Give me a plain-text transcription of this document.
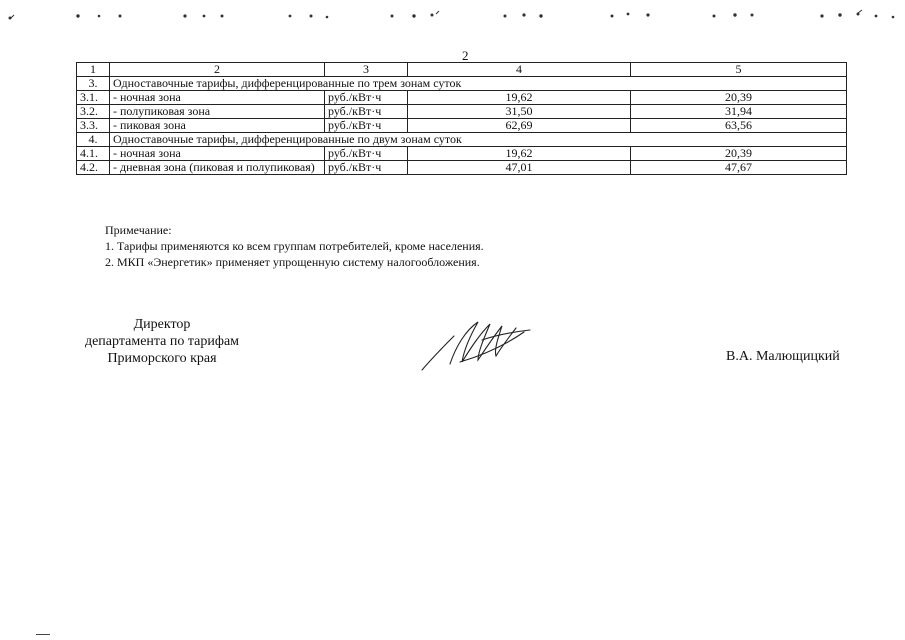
2
1	2	3	4	5
3.	Одноставочные тарифы, дифференцированные по трем зонам суток			
3.1.	- ночная зона	руб./кВт·ч	19,62	20,39
3.2.	- полупиковая зона	руб./кВт·ч	31,50	31,94
3.3.	- пиковая зона	руб./кВт·ч	62,69	63,56
4.	Одноставочные тарифы, дифференцированные по двум зонам суток			
4.1.	- ночная зона	руб./кВт·ч	19,62	20,39
4.2.	- дневная зона (пиковая и полупиковая)	руб./кВт·ч	47,01	47,67
Примечание:
1. Тарифы применяются ко всем группам потребителей, кроме населения.
2. МКП «Энергетик» применяет упрощенную систему налогообложения.
Директор
департамента по тарифам
Приморского края	В.А. Малющицкий
